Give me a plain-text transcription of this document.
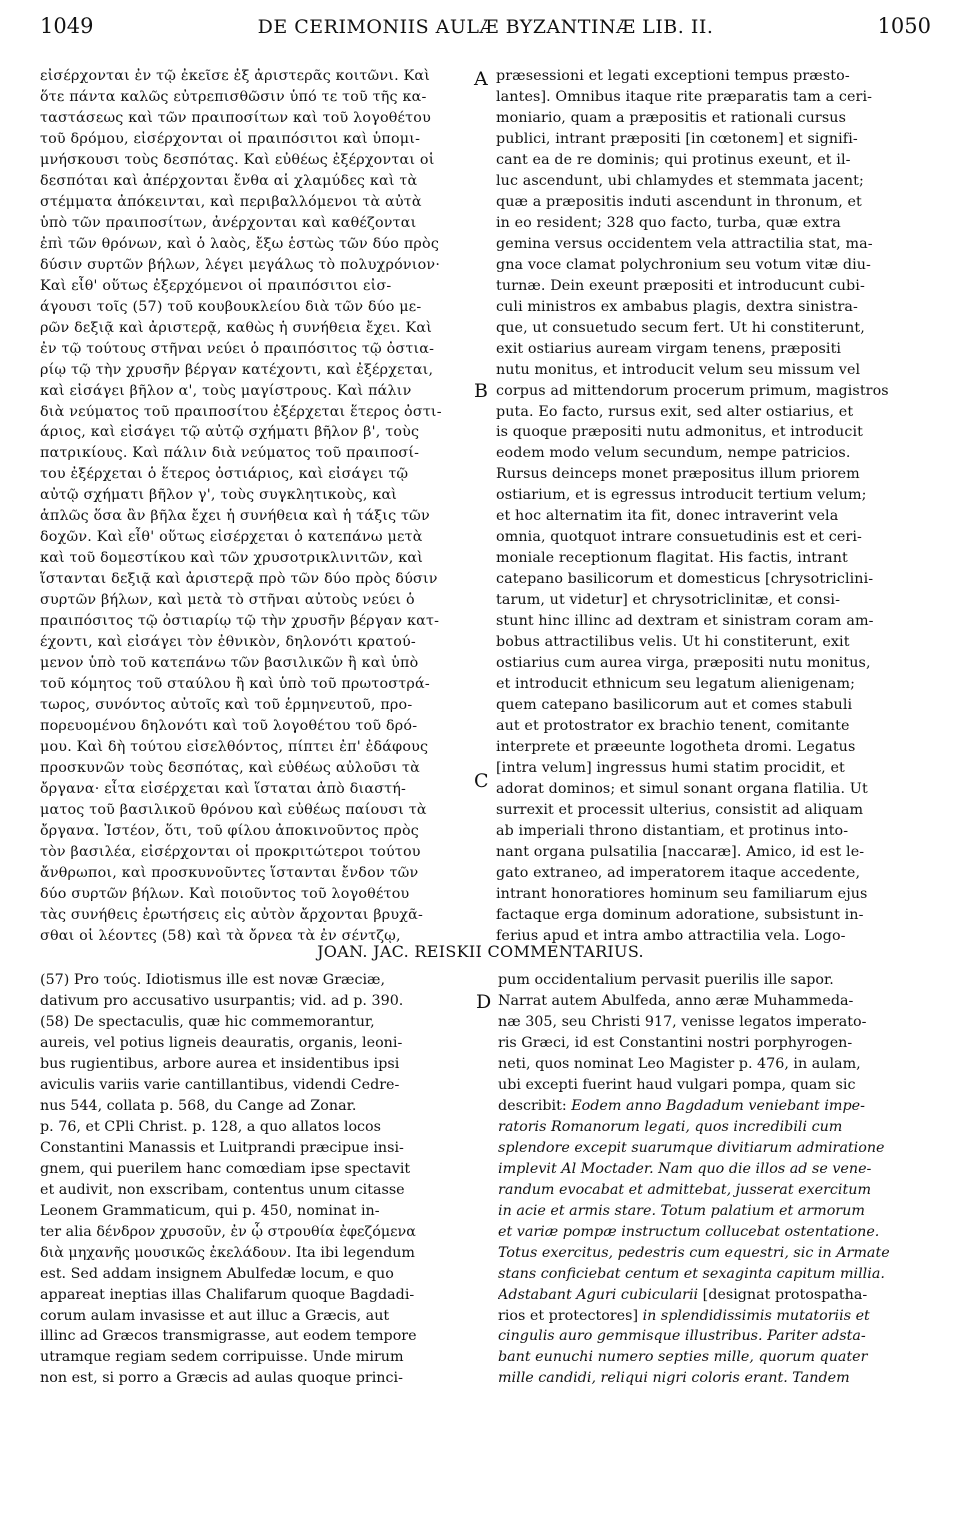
1049	DE CERIMONIIS AULÆ BYZANTINÆ LIB. II.	1050
εἰσέρχονται ἐν τῷ ἐκεῖσε ἐξ ἀριστερᾶς κοιτῶνι. Καὶ
ὅτε πάντα καλῶς εὐτρεπισθῶσιν ὑπό τε τοῦ τῆς κα-
ταστάσεως καὶ τῶν πραιποσίτων καὶ τοῦ λογοθέτου
τοῦ δρόμου, εἰσέρχονται οἱ πραιπόσιτοι καὶ ὑπομι-
μνήσκουσι τοὺς δεσπότας. Καὶ εὐθέως ἐξέρχονται οἱ
δεσπόται καὶ ἀπέρχονται ἔνθα αἱ χλαμύδες καὶ τὰ
στέμματα ἀπόκεινται, καὶ περιβαλλόμενοι τὰ αὐτὰ
ὑπὸ τῶν πραιποσίτων, ἀνέρχονται καὶ καθέζονται
ἐπὶ τῶν θρόνων, καὶ ὁ λαὸς, ἔξω ἑστὼς τῶν δύο πρὸς
δύσιν συρτῶν βήλων, λέγει μεγάλως τὸ πολυχρόνιον·
Καὶ εἶθ' οὕτως ἐξερχόμενοι οἱ πραιπόσιτοι εἰσ-
άγουσι τοῖς (57) τοῦ κουβουκλείου διὰ τῶν δύο με-
ρῶν δεξιᾷ καὶ ἀριστερᾷ, καθὼς ἡ συνήθεια ἔχει. Καὶ
ἐν τῷ τούτους στῆναι νεύει ὁ πραιπόσιτος τῷ ὀστια-
ρίῳ τῷ τὴν χρυσῆν βέργαν κατέχοντι, καὶ ἐξέρχεται,
καὶ εἰσάγει βῆλον α', τοὺς μαγίστρους. Καὶ πάλιν
διὰ νεύματος τοῦ πραιποσίτου ἐξέρχεται ἕτερος ὀστι-
άριος, καὶ εἰσάγει τῷ αὐτῷ σχήματι βῆλον β', τοὺς
πατρικίους. Καὶ πάλιν διὰ νεύματος τοῦ πραιποσί-
του ἐξέρχεται ὁ ἕτερος ὀστιάριος, καὶ εἰσάγει τῷ
αὐτῷ σχήματι βῆλον γ', τοὺς συγκλητικοὺς, καὶ
ἁπλῶς ὅσα ἂν βῆλα ἔχει ἡ συνήθεια καὶ ἡ τάξις τῶν
δοχῶν. Καὶ εἶθ' οὕτως εἰσέρχεται ὁ κατεπάνω μετὰ
καὶ τοῦ δομεστίκου καὶ τῶν χρυσοτρικλινιτῶν, καὶ
ἵστανται δεξιᾷ καὶ ἀριστερᾷ πρὸ τῶν δύο πρὸς δύσιν
συρτῶν βήλων, καὶ μετὰ τὸ στῆναι αὐτοὺς νεύει ὁ
πραιπόσιτος τῷ ὀστιαρίῳ τῷ τὴν χρυσῆν βέργαν κατ-
έχοντι, καὶ εἰσάγει τὸν ἐθνικὸν, δηλονότι κρατού-
μενον ὑπὸ τοῦ κατεπάνω τῶν βασιλικῶν ἢ καὶ ὑπὸ
τοῦ κόμητος τοῦ σταύλου ἢ καὶ ὑπὸ τοῦ πρωτοστρά-
τωρος, συνόντος αὐτοῖς καὶ τοῦ ἑρμηνευτοῦ, προ-
πορευομένου δηλονότι καὶ τοῦ λογοθέτου τοῦ δρό-
μου. Καὶ δὴ τούτου εἰσελθόντος, πίπτει ἐπ' ἐδάφους
προσκυνῶν τοὺς δεσπότας, καὶ εὐθέως αὐλοῦσι τὰ
ὄργανα· εἶτα εἰσέρχεται καὶ ἵσταται ἀπὸ διαστή-
ματος τοῦ βασιλικοῦ θρόνου καὶ εὐθέως παίουσι τὰ
ὄργανα. Ἰστέον, ὅτι, τοῦ φίλου ἀποκινοῦντος πρὸς
τὸν βασιλέα, εἰσέρχονται οἱ προκριτώτεροι τούτου
ἄνθρωποι, καὶ προσκυνοῦντες ἵστανται ἔνδον τῶν
δύο συρτῶν βήλων. Καὶ ποιοῦντος τοῦ λογοθέτου
τὰς συνήθεις ἐρωτήσεις εἰς αὐτὸν ἄρχονται βρυχᾶ-
σθαι οἱ λέοντες (58) καὶ τὰ ὄρνεα τὰ ἐν σέντζῳ,
præsessioni et legati exceptioni tempus præsto-
lantes]. Omnibus itaque rite præparatis tam a ceri-
moniario, quam a præpositis et rationali cursus
publici, intrant præpositi [in cœtonem] et signifi-
cant ea de re dominis; qui protinus exeunt, et il-
luc ascendunt, ubi chlamydes et stemmata jacent;
quæ a præpositis induti ascendunt in thronum, et
in eo resident; 328 quo facto, turba, quæ extra
gemina versus occidentem vela attractilia stat, ma-
gna voce clamat polychronium seu votum vitæ diu-
turnæ. Dein exeunt præpositi et introducunt cubi-
culi ministros ex ambabus plagis, dextra sinistra-
que, ut consuetudo secum fert. Ut hi constiterunt,
exit ostiarius auream virgam tenens, præpositi
nutu monitus, et introducit velum seu missum vel
corpus ad mittendorum procerum primum, magistros
puta. Eo facto, rursus exit, sed alter ostiarius, et
is quoque præpositi nutu admonitus, et introducit
eodem modo velum secundum, nempe patricios.
Rursus deinceps monet præpositus illum priorem
ostiarium, et is egressus introducit tertium velum;
et hoc alternatim ita fit, donec intraverint vela
omnia, quotquot intrare consuetudinis est et ceri-
moniale receptionum flagitat. His factis, intrant
catepano basilicorum et domesticus [chrysotriclini-
tarum, ut videtur] et chrysotriclinitæ, et consi-
stunt hinc illinc ad dextram et sinistram coram am-
bobus attractilibus velis. Ut hi constiterunt, exit
ostiarius cum aurea virga, præpositi nutu monitus,
et introducit ethnicum seu legatum alienigenam;
quem catepano basilicorum aut et comes stabuli
aut et protostrator ex brachio tenent, comitante
interprete et præeunte logotheta dromi. Legatus
[intra velum] ingressus humi statim procidit, et
adorat dominos; et simul sonant organa flatilia. Ut
surrexit et processit ulterius, consistit ad aliquam
ab imperiali throno distantiam, et protinus into-
nant organa pulsatilia [naccaræ]. Amico, id est le-
gato extraneo, ad imperatorem itaque accedente,
intrant honoratiores hominum seu familiarum ejus
factaque erga dominum adoratione, subsistunt in-
ferius apud et intra ambo attractilia vela. Logo-
A
B
C
D
JOAN. JAC. REISKII COMMENTARIUS.
(57) Pro τούς. Idiotismus ille est novæ Græciæ,
dativum pro accusativo usurpantis; vid. ad p. 390.
(58) De spectaculis, quæ hic commemorantur,
aureis, vel potius ligneis deauratis, organis, leoni-
bus rugientibus, arbore aurea et insidentibus ipsi
aviculis variis varie cantillantibus, videndi Cedre-
nus 544, collata p. 568, du Cange ad Zonar.
p. 76, et CPli Christ. p. 128, a quo allatos locos
Constantini Manassis et Luitprandi præcipue insi-
gnem, qui puerilem hanc comœdiam ipse spectavit
et audivit, non exscribam, contentus unum citasse
Leonem Grammaticum, qui p. 450, nominat in-
ter alia δένδρον χρυσοῦν, ἐν ᾧ στρουθία ἐφεζόμενα
διὰ μηχανῆς μουσικῶς ἐκελάδουν. Ita ibi legendum
est. Sed addam insignem Abulfedæ locum, e quo
appareat ineptias illas Chalifarum quoque Bagdadi-
corum aulam invasisse et aut illuc a Græcis, aut
illinc ad Græcos transmigrasse, aut eodem tempore
utramque regiam sedem corripuisse. Unde mirum
non est, si porro a Græcis ad aulas quoque princi-
pum occidentalium pervasit puerilis ille sapor.
Narrat autem Abulfeda, anno æræ Muhammeda-
næ 305, seu Christi 917, venisse legatos imperato-
ris Græci, id est Constantini nostri porphyrogen-
neti, quos nominat Leo Magister p. 476, in aulam,
ubi excepti fuerint haud vulgari pompa, quam sic
describit: Eodem anno Bagdadum veniebant impe-
ratoris Romanorum legati, quos incredibili cum
splendore excepit suarumque divitiarum admiratione
implevit Al Moctader. Nam quo die illos ad se vene-
randum evocabat et admittebat, jusserat exercitum
in acie et armis stare. Totum palatium et armorum
et variæ pompæ instructum collucebat ostentatione.
Totus exercitus, pedestris cum equestri, sic in Armate
stans conficiebat centum et sexaginta capitum millia.
Adstabant Aguri cubicularii [designat protospatha-
rios et protectores] in splendidissimis mutatoriis et
cingulis auro gemmisque illustribus. Pariter adsta-
bant eunuchi numero septies mille, quorum quater
mille candidi, reliqui nigri coloris erant. Tandem
